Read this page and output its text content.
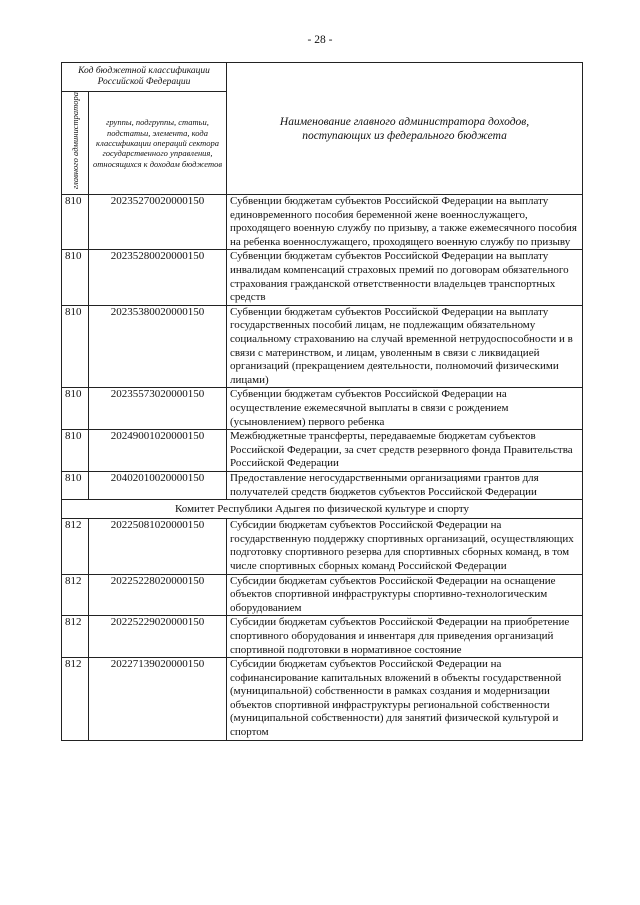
- 28 -
Код бюджетной классификации Российской Федерации		Наименование главного администратора доходов, поступающих из федерального бюджета
главного администратора	группы, подгруппы, статьи, подстатьи, элемента, кода классификации операций сектора государственного управления, относящихся к доходам бюджетов	
810	20235270020000150	Субвенции бюджетам субъектов Российской Федерации на выплату единовременного пособия беременной жене военнослужащего, проходящего военную службу по призыву, а также ежемесячного пособия на ребенка военнослужащего, проходящего военную службу по призыву
810	20235280020000150	Субвенции бюджетам субъектов Российской Федерации на выплату инвалидам компенсаций страховых премий по договорам обязательного страхования гражданской ответственности владельцев транспортных средств
810	20235380020000150	Субвенции бюджетам субъектов Российской Федерации на выплату государственных пособий лицам, не подлежащим обязательному социальному страхованию на случай временной нетрудоспособности и в связи с материнством, и лицам, уволенным в связи с ликвидацией организаций (прекращением деятельности, полномочий физическими лицами)
810	20235573020000150	Субвенции бюджетам субъектов Российской Федерации на осуществление ежемесячной выплаты в связи с рождением (усыновлением) первого ребенка
810	20249001020000150	Межбюджетные трансферты, передаваемые бюджетам субъектов Российской Федерации, за счет средств резервного фонда Правительства Российской Федерации
810	20402010020000150	Предоставление негосударственными организациями грантов для получателей средств бюджетов субъектов Российской Федерации
Комитет Республики Адыгея по физической культуре и спорту		
812	20225081020000150	Субсидии бюджетам субъектов Российской Федерации на государственную поддержку спортивных организаций, осуществляющих подготовку спортивного резерва для спортивных сборных команд, в том числе спортивных сборных команд Российской Федерации
812	20225228020000150	Субсидии бюджетам субъектов Российской Федерации на оснащение объектов спортивной инфраструктуры спортивно-технологическим оборудованием
812	20225229020000150	Субсидии бюджетам субъектов Российской Федерации на приобретение спортивного оборудования и инвентаря для приведения организаций спортивной подготовки в нормативное состояние
812	20227139020000150	Субсидии бюджетам субъектов Российской Федерации на софинансирование капитальных вложений в объекты государственной (муниципальной) собственности в рамках создания и модернизации объектов спортивной инфраструктуры региональной собственности (муниципальной собственности) для занятий физической культурой и спортом
